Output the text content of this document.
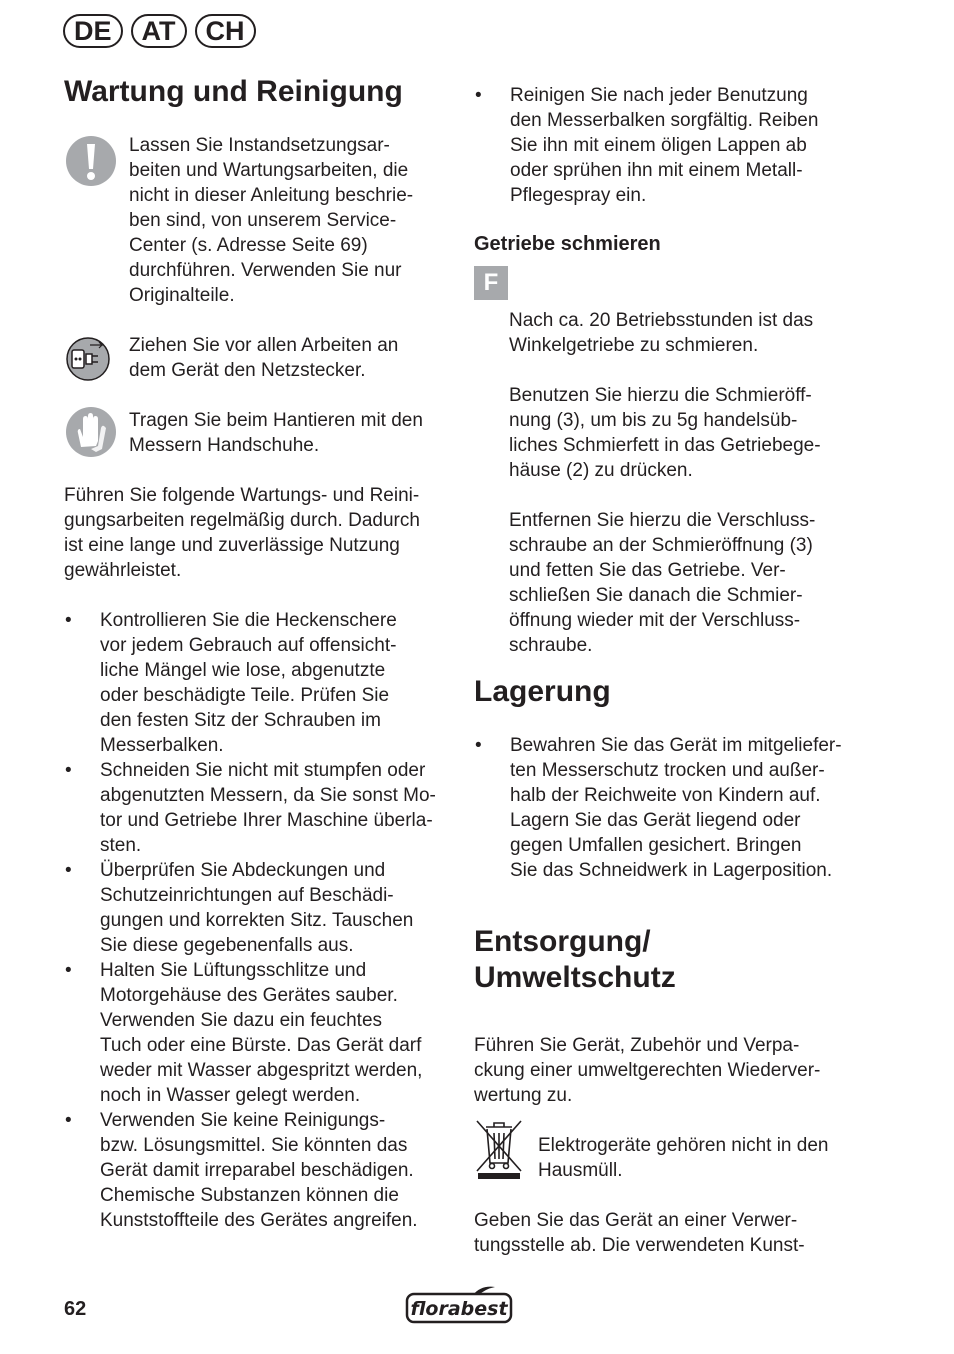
DE	AT	CH
Wartung und Reinigung

Lassen Sie Instandsetzungsar-
beiten und Wartungsarbeiten, die
nicht in dieser Anleitung beschrie-
ben sind, von unserem Service-
Center (s. Adresse Seite 69)
durchführen. Verwenden Sie nur
Originalteile.

Ziehen Sie vor allen Arbeiten an
dem Gerät den Netzstecker.

Tragen Sie beim Hantieren mit den
Messern Handschuhe.

Führen Sie folgende Wartungs- und Reini-
gungsarbeiten regelmäßig durch. Dadurch
ist eine lange und zuverlässige Nutzung
gewährleistet.

• Kontrollieren Sie die Heckenschere
vor jedem Gebrauch auf offensicht-
liche Mängel wie lose, abgenutzte
oder beschädigte Teile. Prüfen Sie
den festen Sitz der Schrauben im
Messerbalken.
• Schneiden Sie nicht mit stumpfen oder
abgenutzten Messern, da Sie sonst Mo-
tor und Getriebe Ihrer Maschine überla-
sten.
• Überprüfen Sie Abdeckungen und
Schutzeinrichtungen auf Beschädi-
gungen und korrekten Sitz. Tauschen
Sie diese gegebenenfalls aus.
• Halten Sie Lüftungsschlitze und
Motorgehäuse des Gerätes sauber.
Verwenden Sie dazu ein feuchtes
Tuch oder eine Bürste. Das Gerät darf
weder mit Wasser abgespritzt werden,
noch in Wasser gelegt werden.
• Verwenden Sie keine Reinigungs-
bzw. Lösungsmittel. Sie könnten das
Gerät damit irreparabel beschädigen.
Chemische Substanzen können die
Kunststoffteile des Gerätes angreifen.
• Reinigen Sie nach jeder Benutzung
den Messerbalken sorgfältig. Reiben
Sie ihn mit einem öligen Lappen ab
oder sprühen ihn mit einem Metall-
Pflegespray ein.

Getriebe schmieren

F

Nach ca. 20 Betriebsstunden ist das
Winkelgetriebe zu schmieren.

Benutzen Sie hierzu die Schmieröff-
nung (3), um bis zu 5g handelsüb-
liches Schmierfett in das Getriebege-
häuse (2) zu drücken.

Entfernen Sie hierzu die Verschluss-
schraube an der Schmieröffnung (3)
und fetten Sie das Getriebe. Ver-
schließen Sie danach die Schmier-
öffnung wieder mit der Verschluss-
schraube.

Lagerung
• Bewahren Sie das Gerät im mitgeliefer-
ten Messerschutz trocken und außer-
halb der Reichweite von Kindern auf.
Lagern Sie das Gerät liegend oder
gegen Umfallen gesichert. Bringen
Sie das Schneidwerk in Lagerposition.
Entsorgung/
Umweltschutz

Führen Sie Gerät, Zubehör und Verpa-
ckung einer umweltgerechten Wiederver-
wertung zu.

Elektrogeräte gehören nicht in den
Hausmüll.

Geben Sie das Gerät an einer Verwer-
tungsstelle ab. Die verwendeten Kunst-

62	florabest
